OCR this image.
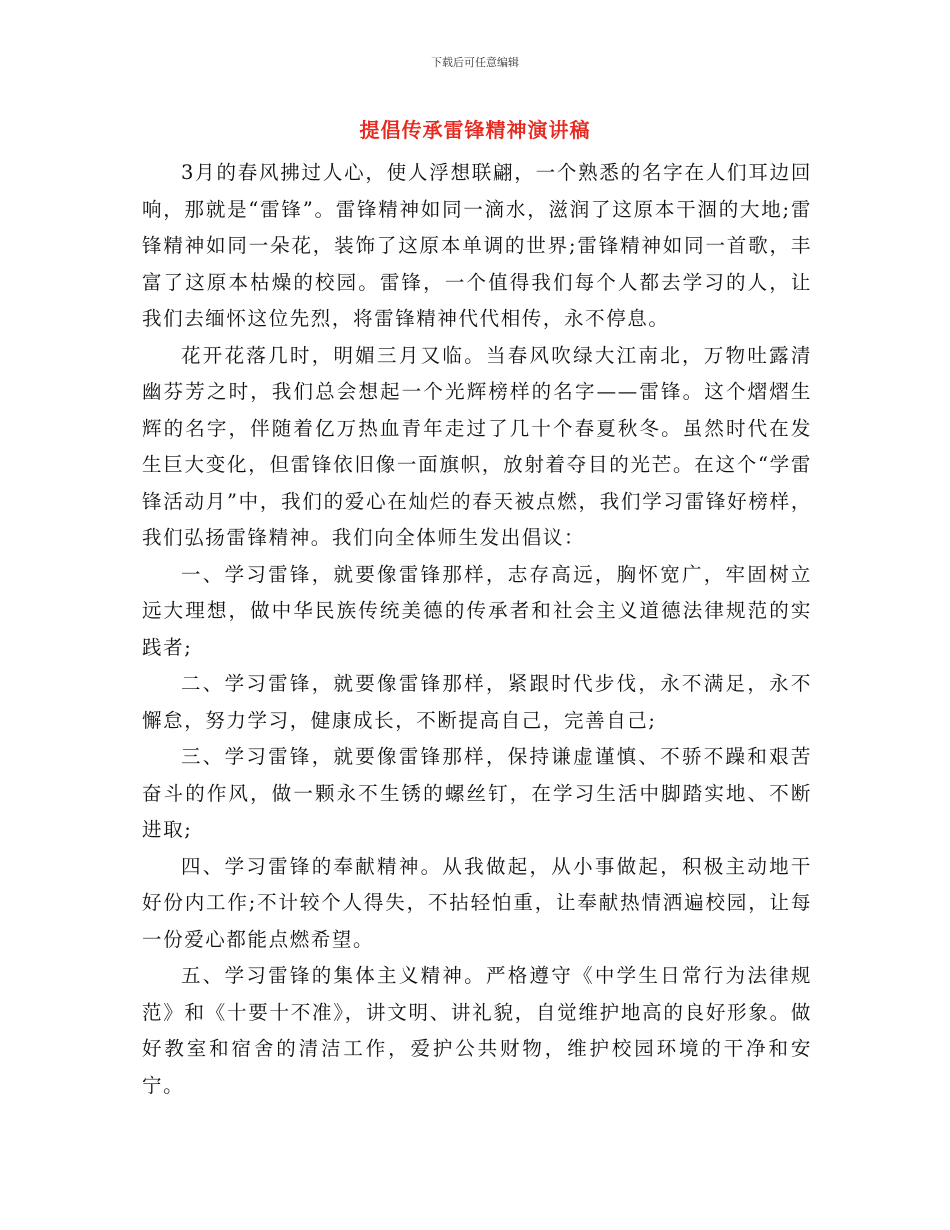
下载后可任意编辑
提倡传承雷锋精神演讲稿

3月的春风拂过人心，使人浮想联翩，一个熟悉的名字在人们耳边回响，那就是“雷锋”。雷锋精神如同一滴水，滋润了这原本干涸的大地;雷锋精神如同一朵花，装饰了这原本单调的世界;雷锋精神如同一首歌，丰富了这原本枯燥的校园。雷锋，一个值得我们每个人都去学习的人，让我们去缅怀这位先烈，将雷锋精神代代相传，永不停息。

花开花落几时，明媚三月又临。当春风吹绿大江南北，万物吐露清幽芬芳之时，我们总会想起一个光辉榜样的名字——雷锋。这个熠熠生辉的名字，伴随着亿万热血青年走过了几十个春夏秋冬。虽然时代在发生巨大变化，但雷锋依旧像一面旗帜，放射着夺目的光芒。在这个“学雷锋活动月”中，我们的爱心在灿烂的春天被点燃，我们学习雷锋好榜样，我们弘扬雷锋精神。我们向全体师生发出倡议：

一、学习雷锋，就要像雷锋那样，志存高远，胸怀宽广，牢固树立远大理想，做中华民族传统美德的传承者和社会主义道德法律规范的实践者;

二、学习雷锋，就要像雷锋那样，紧跟时代步伐，永不满足，永不懈怠，努力学习，健康成长，不断提高自己，完善自己;

三、学习雷锋，就要像雷锋那样，保持谦虚谨慎、不骄不躁和艰苦奋斗的作风，做一颗永不生锈的螺丝钉，在学习生活中脚踏实地、不断进取;

四、学习雷锋的奉献精神。从我做起，从小事做起，积极主动地干好份内工作;不计较个人得失，不拈轻怕重，让奉献热情洒遍校园，让每一份爱心都能点燃希望。

五、学习雷锋的集体主义精神。严格遵守《中学生日常行为法律规范》和《十要十不准》，讲文明、讲礼貌，自觉维护地高的良好形象。做好教室和宿舍的清洁工作，爱护公共财物，维护校园环境的干净和安宁。
